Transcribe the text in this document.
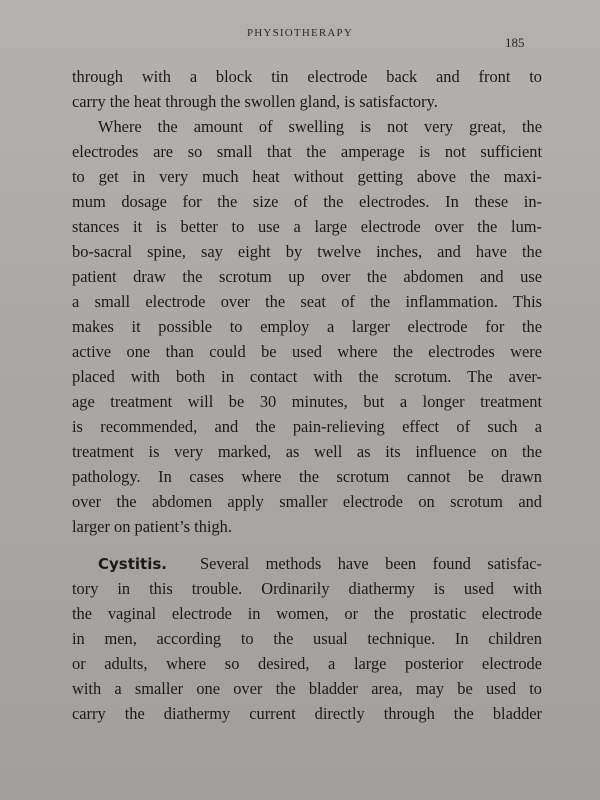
PHYSIOTHERAPY
185
through with a block tin electrode back and front to
carry the heat through the swollen gland, is satisfactory.
Where the amount of swelling is not very great, the
electrodes are so small that the amperage is not sufficient
to get in very much heat without getting above the maxi-
mum dosage for the size of the electrodes. In these in-
stances it is better to use a large electrode over the lum-
bo-sacral spine, say eight by twelve inches, and have the
patient draw the scrotum up over the abdomen and use
a small electrode over the seat of the inflammation. This
makes it possible to employ a larger electrode for the
active one than could be used where the electrodes were
placed with both in contact with the scrotum. The aver-
age treatment will be 30 minutes, but a longer treatment
is recommended, and the pain-relieving effect of such a
treatment is very marked, as well as its influence on the
pathology. In cases where the scrotum cannot be drawn
over the abdomen apply smaller electrode on scrotum and
larger on patient’s thigh.
Cystitis. Several methods have been found satisfac-
tory in this trouble. Ordinarily diathermy is used with
the vaginal electrode in women, or the prostatic electrode
in men, according to the usual technique. In children
or adults, where so desired, a large posterior electrode
with a smaller one over the bladder area, may be used to
carry the diathermy current directly through the bladder
